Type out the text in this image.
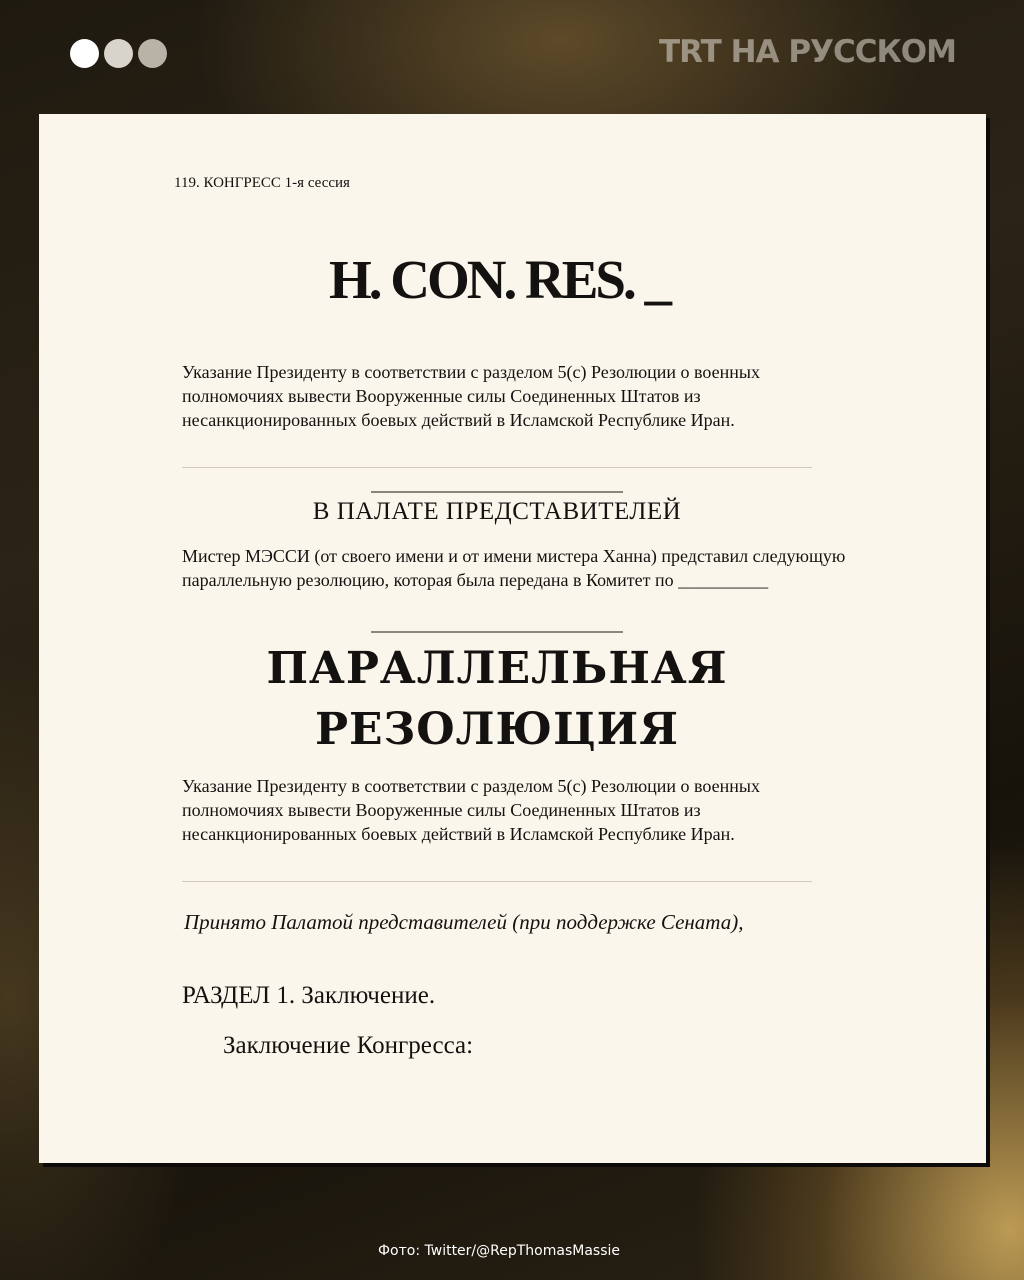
TRT НА РУССКОМ
119. КОНГРЕСС 1-я сессия
H. CON. RES. _
Указание Президенту в соответствии с разделом 5(c) Резолюции о военных полномочиях вывести Вооруженные силы Соединенных Штатов из несанкционированных боевых действий в Исламской Республике Иран.
В ПАЛАТЕ ПРЕДСТАВИТЕЛЕЙ
Мистер МЭССИ (от своего имени и от имени мистера Ханна) представил следующую параллельную резолюцию, которая была передана в Комитет по __________
ПАРАЛЛЕЛЬНАЯ
РЕЗОЛЮЦИЯ
Указание Президенту в соответствии с разделом 5(c) Резолюции о военных полномочиях вывести Вооруженные силы Соединенных Штатов из несанкционированных боевых действий в Исламской Республике Иран.
Принято Палатой представителей (при поддержке Сената),
РАЗДЕЛ 1. Заключение.
Заключение Конгресса:
Фото: Twitter/@RepThomasMassie
